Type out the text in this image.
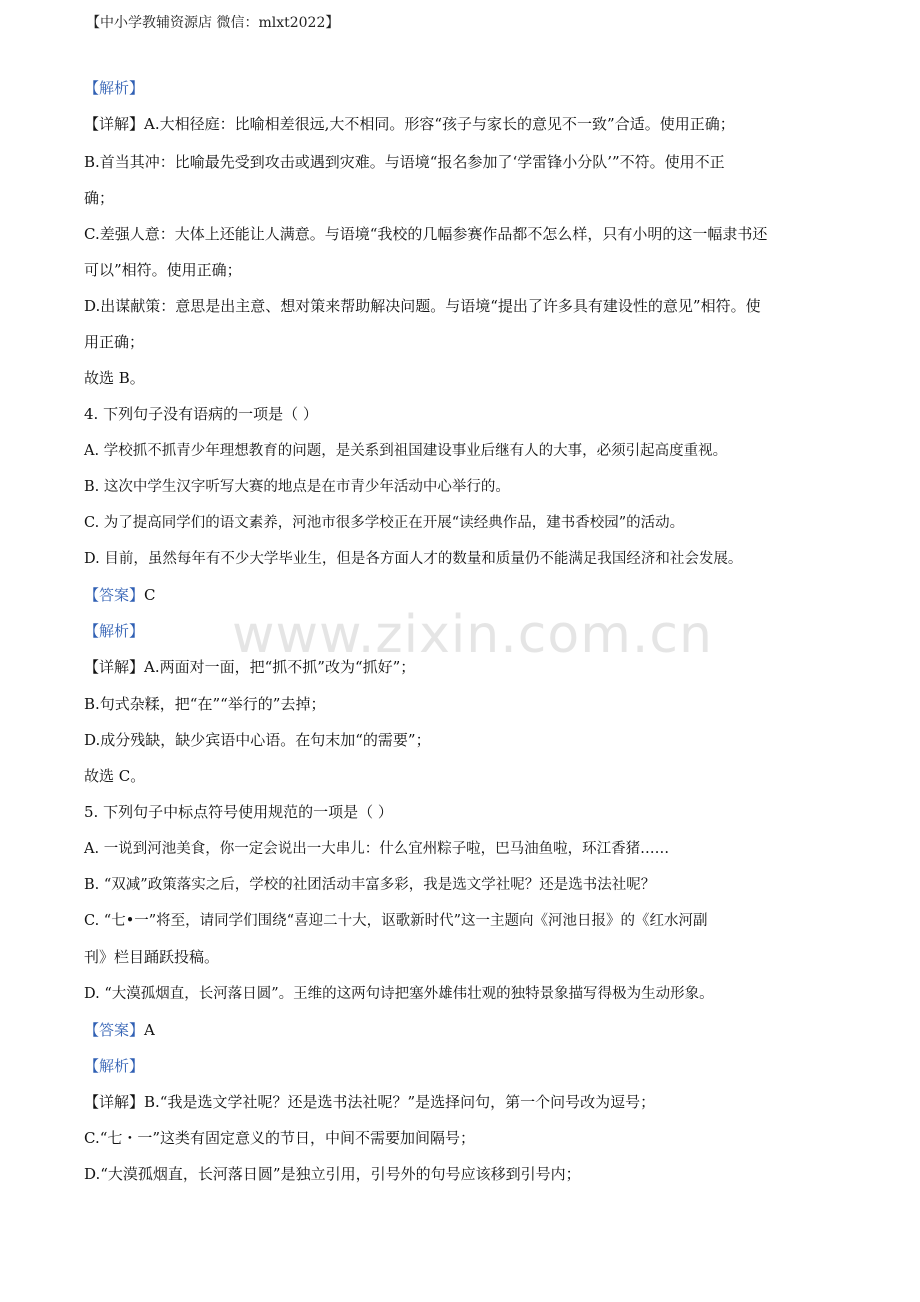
【中小学教辅资源店 微信：mlxt2022】
www.zixin.com.cn
【解析】
【详解】A.大相径庭：比喻相差很远,大不相同。形容“孩子与家长的意见不一致”合适。使用正确；
B.首当其冲：比喻最先受到攻击或遇到灾难。与语境“报名参加了‘学雷锋小分队’”不符。使用不正
确；
C.差强人意：大体上还能让人满意。与语境“我校的几幅参赛作品都不怎么样，只有小明的这一幅隶书还
可以”相符。使用正确；
D.出谋献策：意思是出主意、想对策来帮助解决问题。与语境“提出了许多具有建设性的意见”相符。使
用正确；
故选 B。
4. 下列句子没有语病的一项是（ ）
A. 学校抓不抓青少年理想教育的问题，是关系到祖国建设事业后继有人的大事，必须引起高度重视。
B. 这次中学生汉字听写大赛的地点是在市青少年活动中心举行的。
C. 为了提高同学们的语文素养，河池市很多学校正在开展“读经典作品，建书香校园”的活动。
D. 目前，虽然每年有不少大学毕业生，但是各方面人才的数量和质量仍不能满足我国经济和社会发展。
【答案】C
【解析】
【详解】A.两面对一面，把“抓不抓”改为“抓好”；
B.句式杂糅，把“在”“举行的”去掉；
D.成分残缺，缺少宾语中心语。在句末加“的需要”；
故选 C。
5. 下列句子中标点符号使用规范的一项是（ ）
A. 一说到河池美食，你一定会说出一大串儿：什么宜州粽子啦，巴马油鱼啦，环江香猪……
B. “双减”政策落实之后，学校的社团活动丰富多彩，我是选文学社呢？还是选书法社呢？
C. “七•一”将至，请同学们围绕“喜迎二十大，讴歌新时代”这一主题向《河池日报》的《红水河副
刊》栏目踊跃投稿。
D. “大漠孤烟直，长河落日圆”。王维的这两句诗把塞外雄伟壮观的独特景象描写得极为生动形象。
【答案】A
【解析】
【详解】B.“我是选文学社呢？还是选书法社呢？”是选择问句，第一个问号改为逗号；
C.“七・一”这类有固定意义的节日，中间不需要加间隔号；
D.“大漠孤烟直，长河落日圆”是独立引用，引号外的句号应该移到引号内；
